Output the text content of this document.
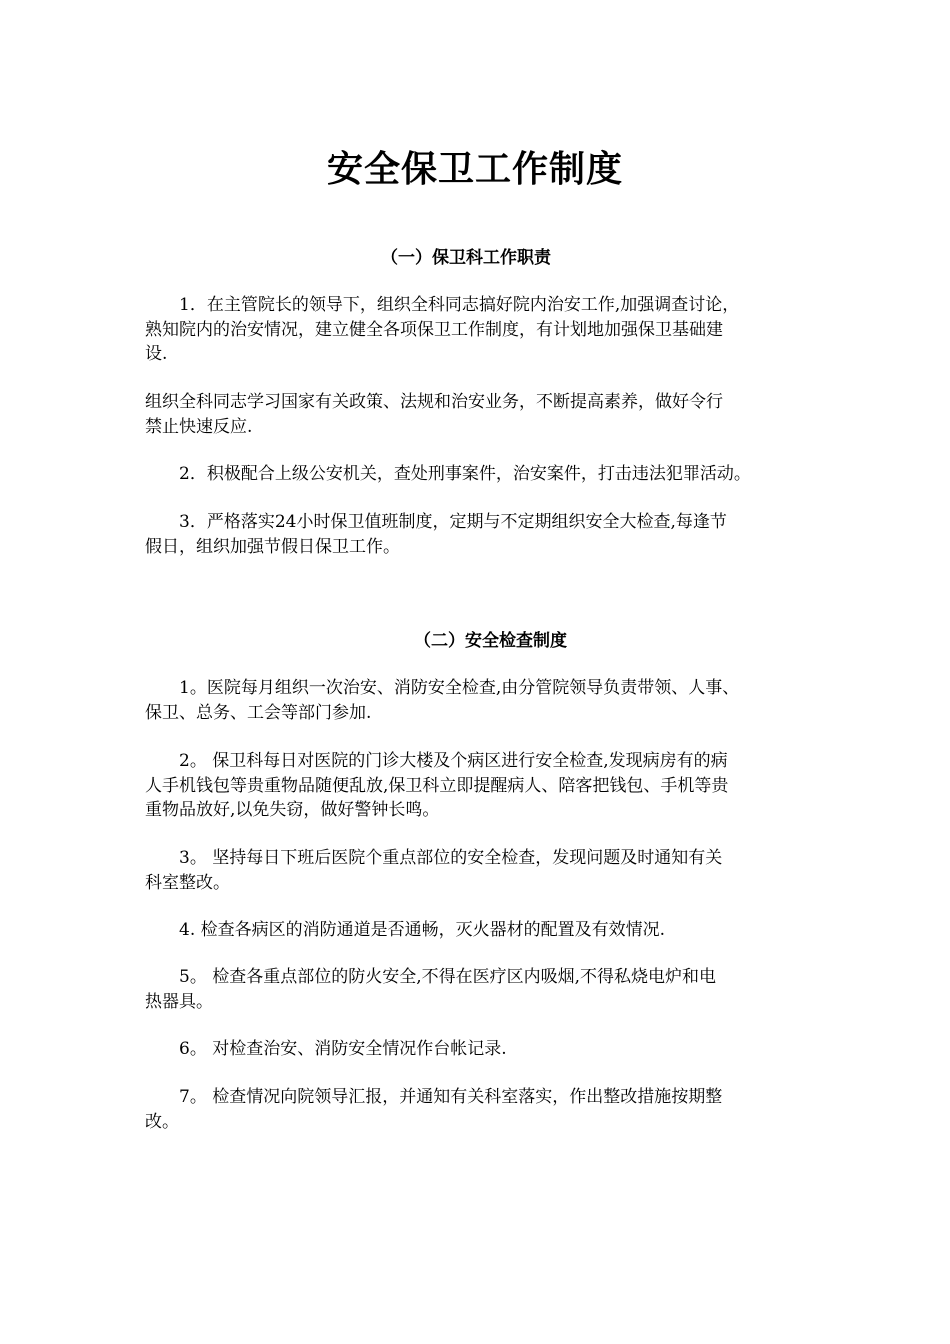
安全保卫工作制度
（一）保卫科工作职责

1．在主管院长的领导下，组织全科同志搞好院内治安工作,加强调查讨论，
熟知院内的治安情况，建立健全各项保卫工作制度，有计划地加强保卫基础建
设.

组织全科同志学习国家有关政策、法规和治安业务，不断提高素养，做好令行
禁止快速反应.

2．积极配合上级公安机关，查处刑事案件，治安案件，打击违法犯罪活动。

3．严格落实24小时保卫值班制度，定期与不定期组织安全大检查,每逢节
假日，组织加强节假日保卫工作。

（二）安全检查制度

1。医院每月组织一次治安、消防安全检查,由分管院领导负责带领、人事、
保卫、总务、工会等部门参加.

2。 保卫科每日对医院的门诊大楼及个病区进行安全检查,发现病房有的病
人手机钱包等贵重物品随便乱放,保卫科立即提醒病人、陪客把钱包、手机等贵
重物品放好,以免失窃，做好警钟长鸣。

3。 坚持每日下班后医院个重点部位的安全检查，发现问题及时通知有关
科室整改。

4. 检查各病区的消防通道是否通畅，灭火器材的配置及有效情况.

5。 检查各重点部位的防火安全,不得在医疗区内吸烟,不得私烧电炉和电
热器具。

6。 对检查治安、消防安全情况作台帐记录.

7。 检查情况向院领导汇报，并通知有关科室落实，作出整改措施按期整
改。
